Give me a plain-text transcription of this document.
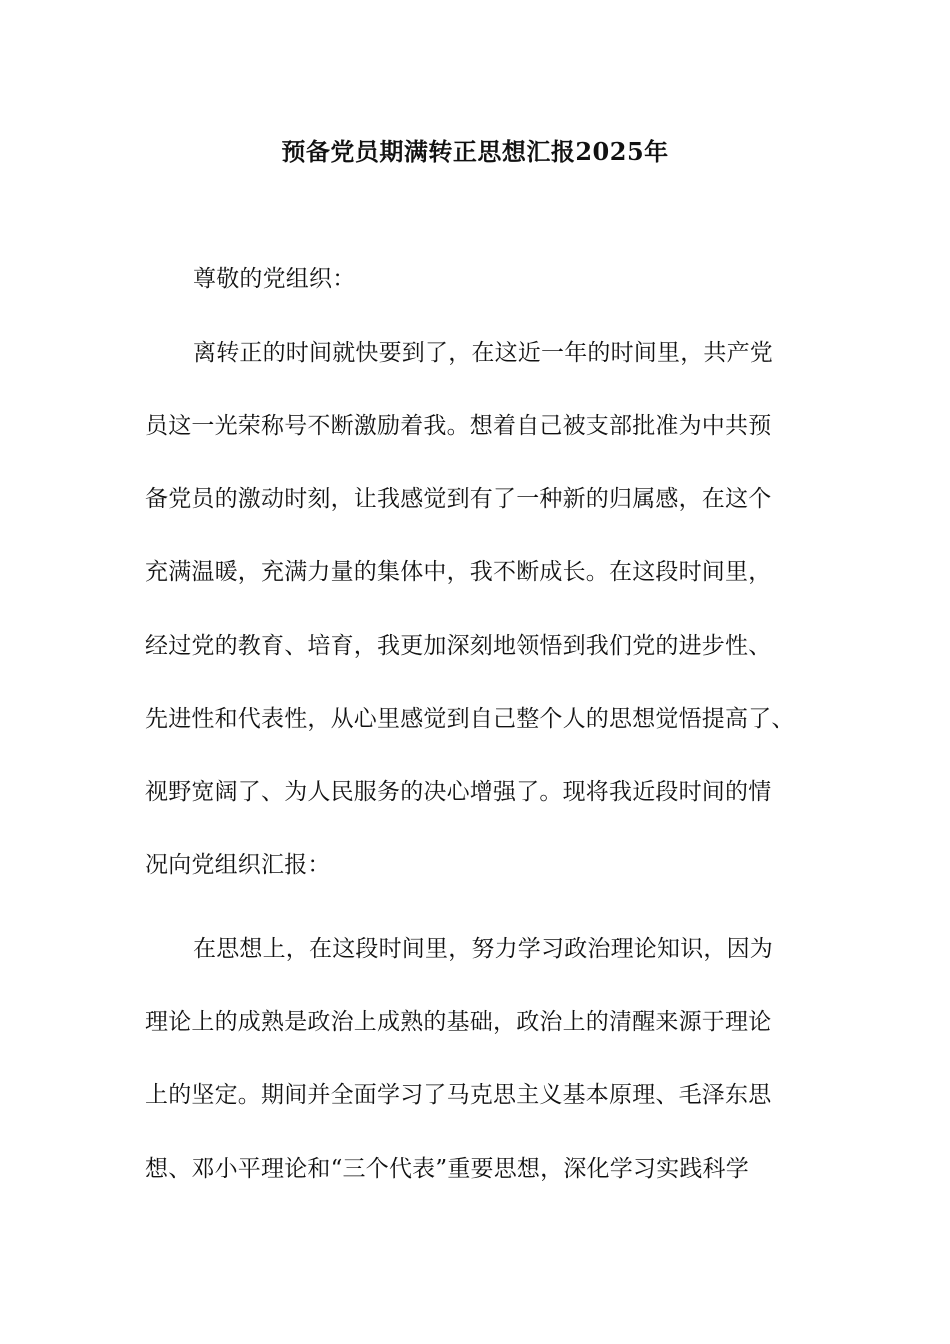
预备党员期满转正思想汇报2025年
尊敬的党组织：
离转正的时间就快要到了，在这近一年的时间里，共产党
员这一光荣称号不断激励着我。想着自己被支部批准为中共预
备党员的激动时刻，让我感觉到有了一种新的归属感，在这个
充满温暖，充满力量的集体中，我不断成长。在这段时间里，
经过党的教育、培育，我更加深刻地领悟到我们党的进步性、
先进性和代表性，从心里感觉到自己整个人的思想觉悟提高了、
视野宽阔了、为人民服务的决心增强了。现将我近段时间的情
况向党组织汇报：
在思想上，在这段时间里，努力学习政治理论知识，因为
理论上的成熟是政治上成熟的基础，政治上的清醒来源于理论
上的坚定。期间并全面学习了马克思主义基本原理、毛泽东思
想、邓小平理论和“三个代表”重要思想，深化学习实践科学
